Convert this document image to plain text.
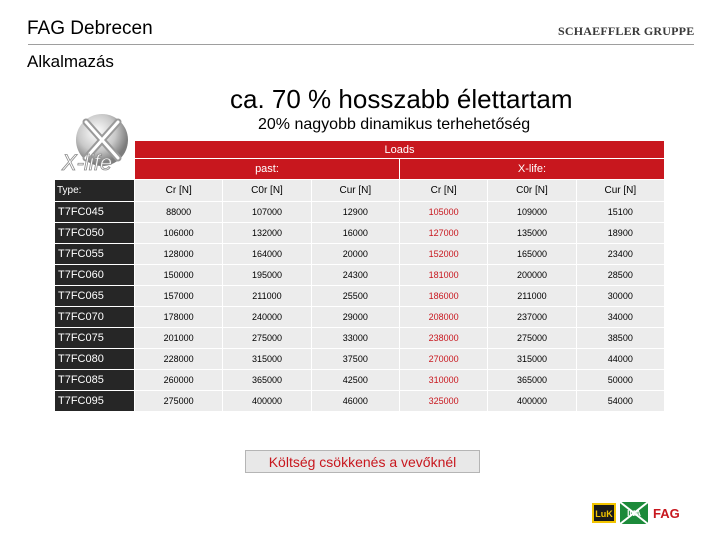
FAG Debrecen	SCHAEFFLER GRUPPE
Alkalmazás
ca. 70 % hosszabb élettartam
20% nagyobb dinamikus terhehetőség
X-life
	Loads					
	past:			X-life:		
Type:	Cr [N]	C0r [N]	Cur [N]	Cr [N]	C0r [N]	Cur [N]
T7FC045	88000	107000	12900	105000	109000	15100
T7FC050	106000	132000	16000	127000	135000	18900
T7FC055	128000	164000	20000	152000	165000	23400
T7FC060	150000	195000	24300	181000	200000	28500
T7FC065	157000	211000	25500	186000	211000	30000
T7FC070	178000	240000	29000	208000	237000	34000
T7FC075	201000	275000	33000	238000	275000	38500
T7FC080	228000	315000	37500	270000	315000	44000
T7FC085	260000	365000	42500	310000	365000	50000
T7FC095	275000	400000	46000	325000	400000	54000
Költség csökkenés a vevőknél
LuK INA FAG
